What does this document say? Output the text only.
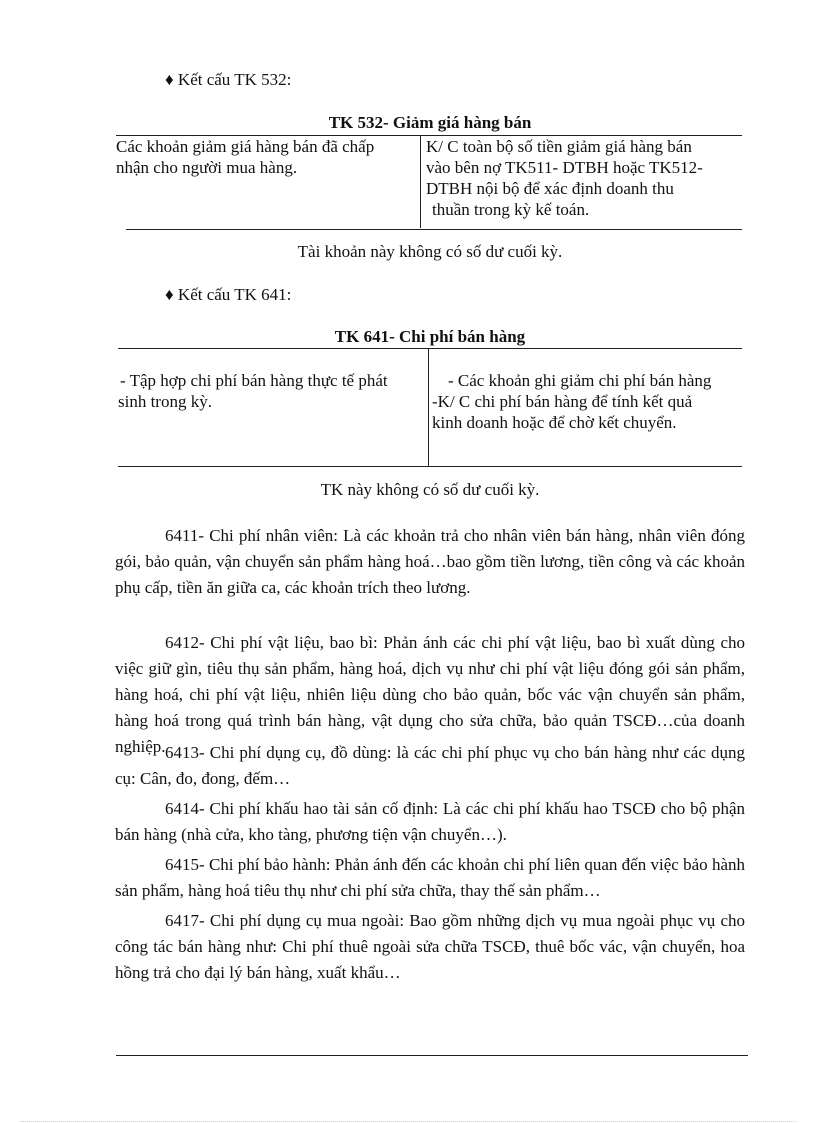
♦ Kết cấu TK 532:
TK 532- Giảm giá hàng bán
Các khoản giảm giá hàng bán đã chấp
nhận cho người mua hàng.
K/ C toàn bộ số tiền giảm giá hàng bán
vào bên nợ TK511- DTBH hoặc TK512-
DTBH nội bộ để xác định doanh thu
thuần trong kỳ kế toán.
Tài khoản này không có số dư cuối kỳ.
♦ Kết cấu TK 641:
TK 641- Chi phí bán hàng
- Tập hợp chi phí bán hàng thực tế phát
sinh trong kỳ.
- Các khoản ghi giảm chi phí bán hàng
-K/ C chi phí bán hàng để tính kết quả
kinh doanh hoặc để chờ kết chuyển.
TK này không có số dư cuối kỳ.

6411- Chi phí nhân viên: Là các khoản trả cho nhân viên bán hàng, nhân viên đóng gói, bảo quản, vận chuyển sản phẩm hàng hoá…bao gồm tiền lương, tiền công và các khoản phụ cấp, tiền ăn giữa ca, các khoản trích theo lương.

6412- Chi phí vật liệu, bao bì: Phản ánh các chi phí vật liệu, bao bì xuất dùng cho việc giữ gìn, tiêu thụ sản phẩm, hàng hoá, dịch vụ như chi phí vật liệu đóng gói sản phẩm, hàng hoá, chi phí vật liệu, nhiên liệu dùng cho bảo quản, bốc vác vận chuyển sản phẩm, hàng hoá trong quá trình bán hàng, vật dụng cho sửa chữa, bảo quản TSCĐ…của doanh nghiệp. 6413- Chi phí dụng cụ, đồ dùng: là các chi phí phục vụ cho bán hàng như các dụng cụ: Cân, đo, đong, đếm…

6414- Chi phí khấu hao tài sản cố định: Là các chi phí khấu hao TSCĐ cho bộ phận bán hàng (nhà cửa, kho tàng, phương tiện vận chuyển…).

6415- Chi phí bảo hành: Phản ánh đến các khoản chi phí liên quan đến việc bảo hành sản phẩm, hàng hoá tiêu thụ như chi phí sửa chữa, thay thế sản phẩm…

6417- Chi phí dụng cụ mua ngoài: Bao gồm những dịch vụ mua ngoài phục vụ cho công tác bán hàng như: Chi phí thuê ngoài sửa chữa TSCĐ, thuê bốc vác, vận chuyển, hoa hồng trả cho đại lý bán hàng, xuất khẩu…
